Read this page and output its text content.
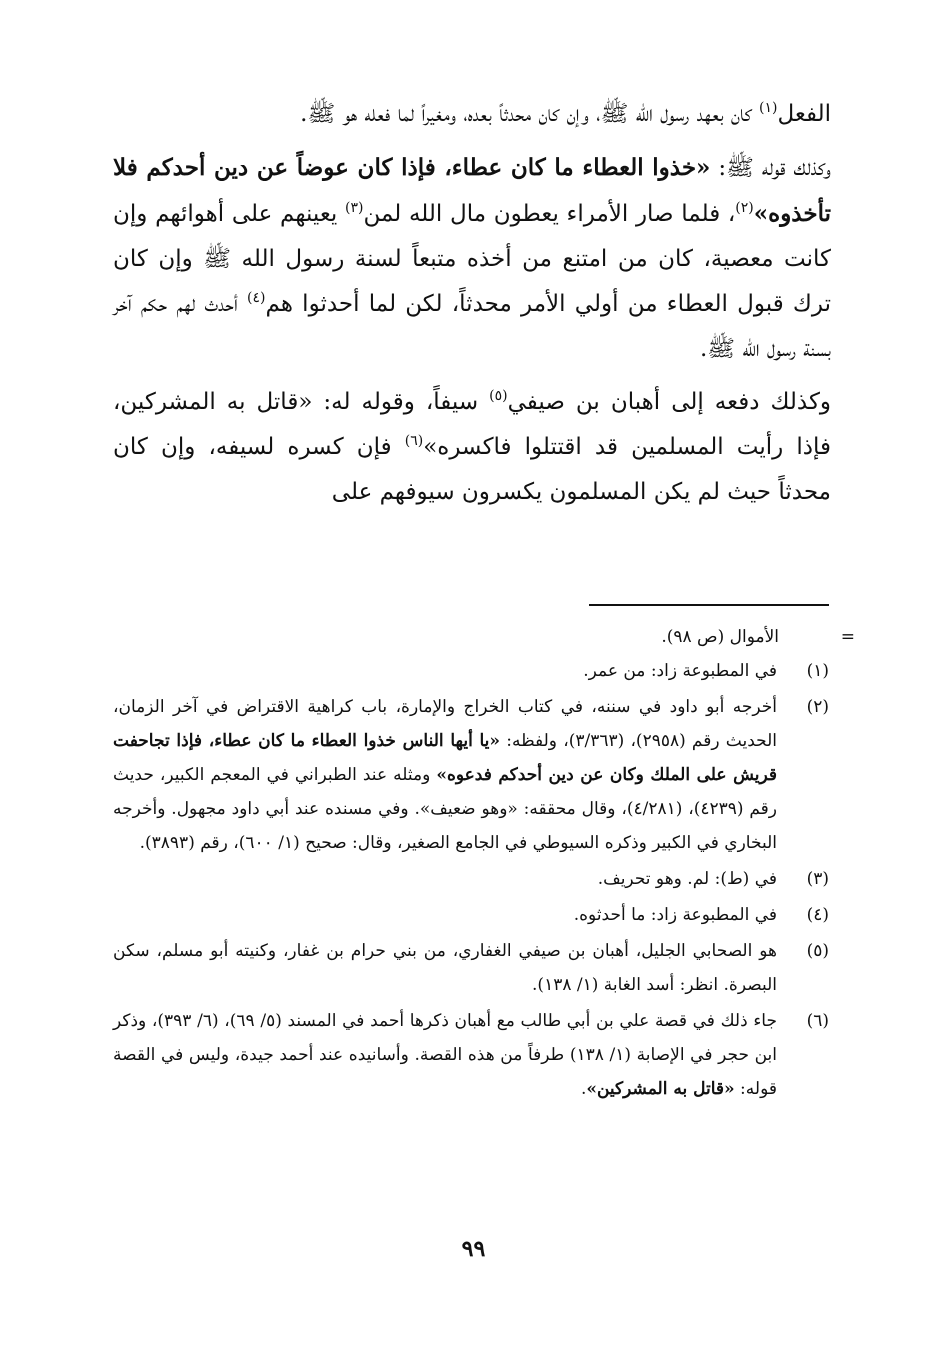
الفعل$^{(١)}$ كان بعهد رسول الله ﷺ، وإن كان محدثاً بعده، ومغيراً لما فعله هو ﷺ.

وكذلك قوله ﷺ: «خذوا العطاء ما كان عطاء، فإذا كان عوضاً عن دين أحدكم فلا تأخذوه»$^{(٢)}$، فلما صار الأمراء يعطون مال الله لمن$^{(٣)}$ يعينهم على أهوائهم وإن كانت معصية، كان من امتنع من أخذه متبعاً لسنة رسول الله ﷺ وإن كان ترك قبول العطاء من أولي الأمر محدثاً، لكن لما أحدثوا هم$^{(٤)}$ أحدث لهم حكم آخر بسنة رسول الله ﷺ.

وكذلك دفعه إلى أهبان بن صيفي$^{(٥)}$ سيفاً، وقوله له: «قاتل به المشركين، فإذا رأيت المسلمين قد اقتتلوا فاكسره»$^{(٦)}$ فإن كسره لسيفه، وإن كان محدثاً حيث لم يكن المسلمون يكسرون سيوفهم على

=
الأموال (ص ٩٨).
(١)
في المطبوعة زاد: من عمر.
(٢)
أخرجه أبو داود في سننه، في كتاب الخراج والإمارة، باب كراهية الاقتراض في آخر الزمان، الحديث رقم (٢٩٥٨)، (٣/٣٦٣)، ولفظه: «يا أيها الناس خذوا العطاء ما كان عطاء، فإذا تجاحفت قريش على الملك وكان عن دين أحدكم فدعوه» ومثله عند الطبراني في المعجم الكبير، حديث رقم (٤٢٣٩)، (٤/٢٨١)، وقال محققه: «وهو ضعيف». وفي مسنده عند أبي داود مجهول. وأخرجه البخاري في الكبير وذكره السيوطي في الجامع الصغير، وقال: صحيح (١/ ٦٠٠)، رقم (٣٨٩٣).
(٣)
في (ط): لم. وهو تحريف.
(٤)
في المطبوعة زاد: ما أحدثوه.
(٥)
هو الصحابي الجليل، أهبان بن صيفي الغفاري، من بني حرام بن غفار، وكنيته أبو مسلم، سكن البصرة. انظر: أسد الغابة (١/ ١٣٨).
(٦)
جاء ذلك في قصة علي بن أبي طالب مع أهبان ذكرها أحمد في المسند (٥/ ٦٩)، (٦/ ٣٩٣)، وذكر ابن حجر في الإصابة (١/ ١٣٨) طرفاً من هذه القصة. وأسانيده عند أحمد جيدة، وليس في القصة قوله: «قاتل به المشركين».
٩٩
